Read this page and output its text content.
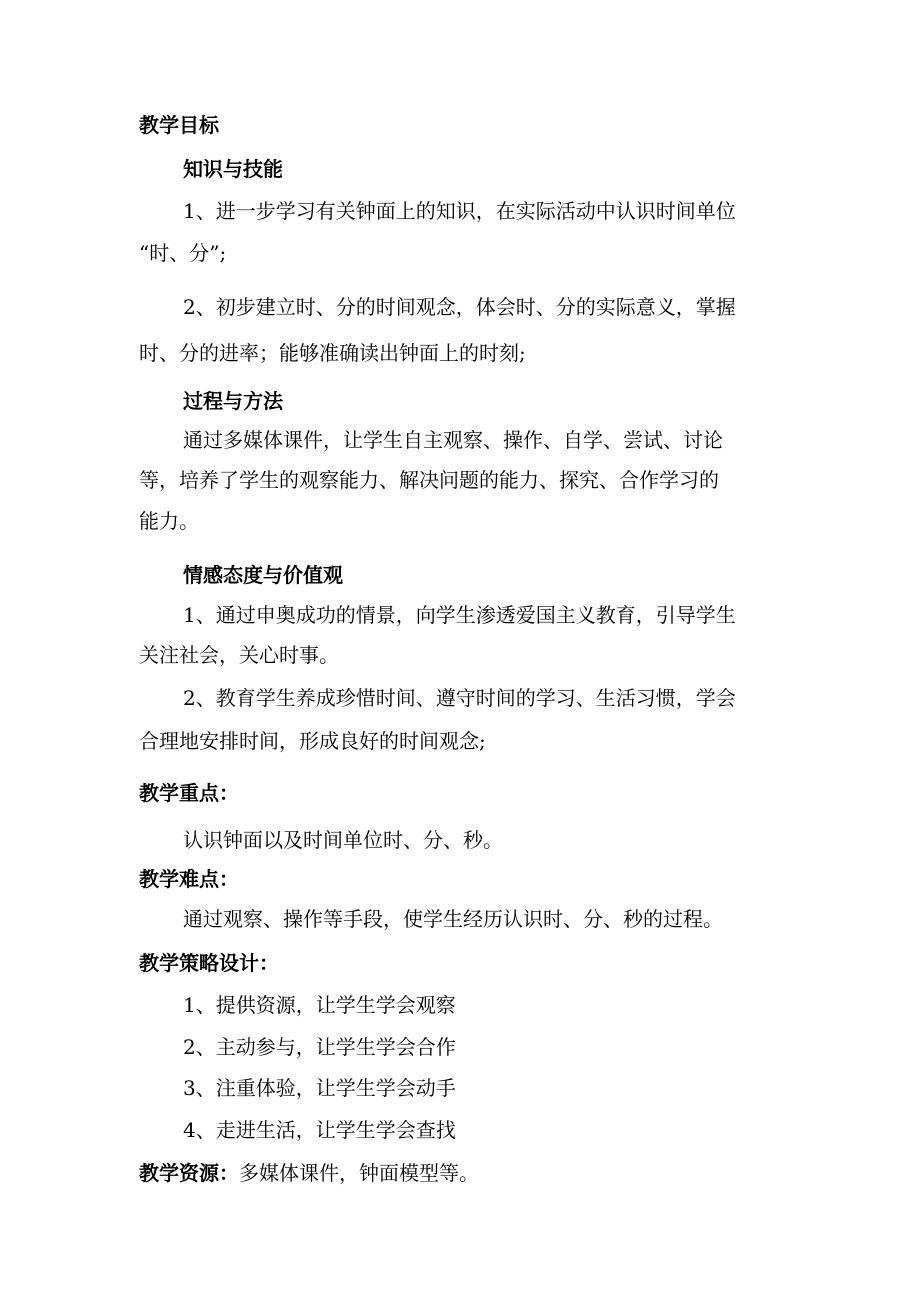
教学目标
知识与技能
1、进一步学习有关钟面上的知识，在实际活动中认识时间单位
“时、分”;
2、初步建立时、分的时间观念，体会时、分的实际意义，掌握
时、分的进率；能够准确读出钟面上的时刻;
过程与方法
通过多媒体课件，让学生自主观察、操作、自学、尝试、讨论
等，培养了学生的观察能力、解决问题的能力、探究、合作学习的
能力。
情感态度与价值观
1、通过申奥成功的情景，向学生渗透爱国主义教育，引导学生
关注社会，关心时事。
2、教育学生养成珍惜时间、遵守时间的学习、生活习惯，学会
合理地安排时间，形成良好的时间观念;
教学重点：
认识钟面以及时间单位时、分、秒。
教学难点：
通过观察、操作等手段，使学生经历认识时、分、秒的过程。
教学策略设计：
1、提供资源，让学生学会观察
2、主动参与，让学生学会合作
3、注重体验，让学生学会动手
4、走进生活，让学生学会查找
教学资源：多媒体课件，钟面模型等。
